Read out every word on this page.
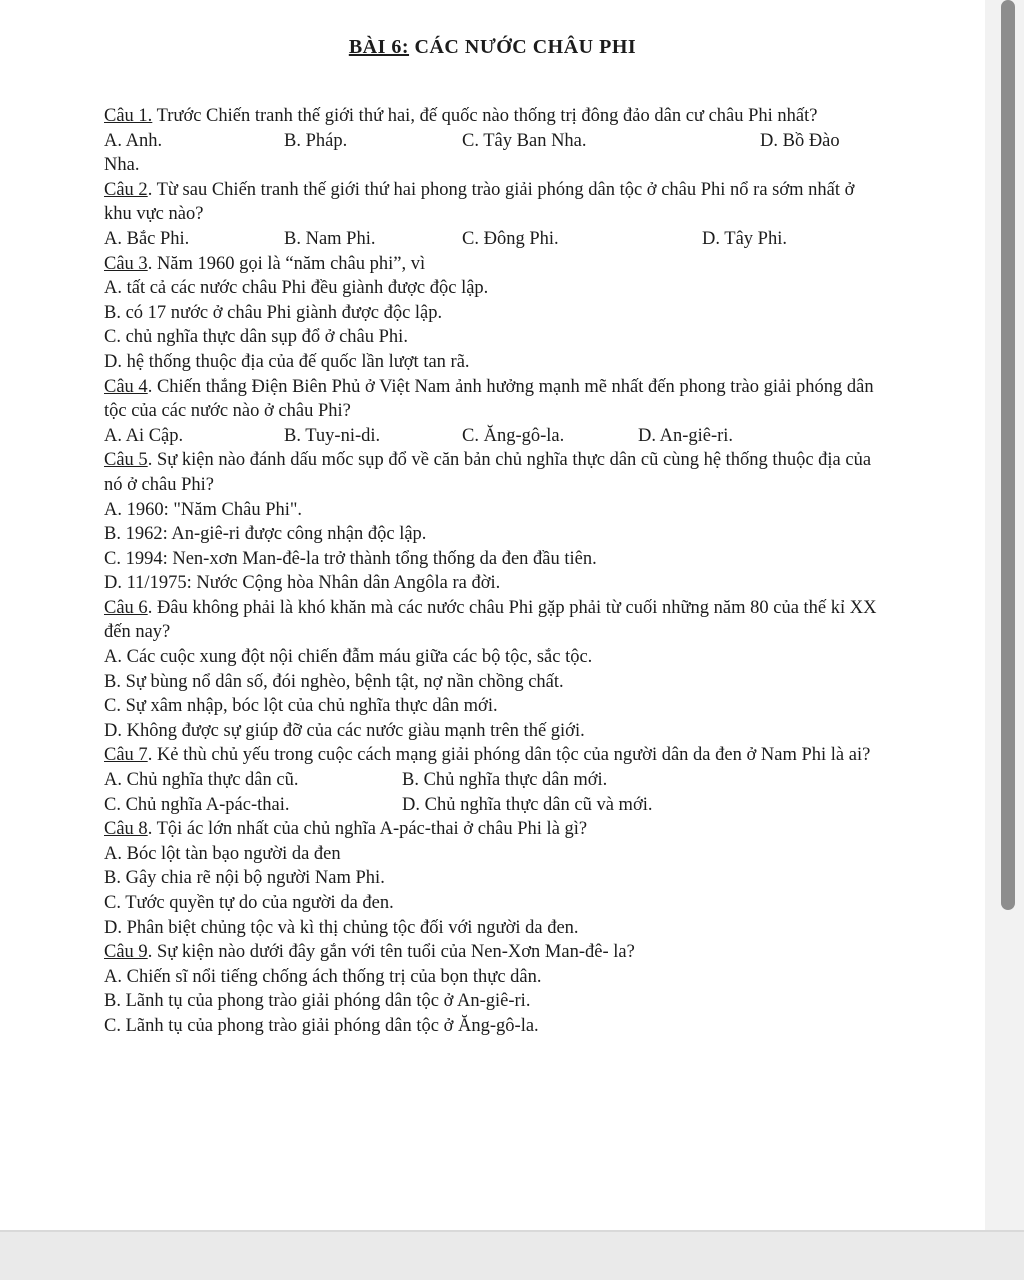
BÀI 6: CÁC NƯỚC CHÂU PHI
Câu 1. Trước Chiến tranh thế giới thứ hai, đế quốc nào thống trị đông đảo dân cư châu Phi nhất?
A. Anh.	B. Pháp.	C. Tây Ban Nha.	D. Bồ Đào
Nha.
Câu 2. Từ sau Chiến tranh thế giới thứ hai phong trào giải phóng dân tộc ở châu Phi nổ ra sớm nhất ở khu vực nào?
A. Bắc Phi.	B. Nam Phi.	C. Đông Phi.	D. Tây Phi.
Câu 3. Năm 1960 gọi là “năm châu phi”, vì
A. tất cả các nước châu Phi đều giành được độc lập.
B. có 17 nước ở châu Phi giành được độc lập.
C. chủ nghĩa thực dân sụp đổ ở châu Phi.
D. hệ thống thuộc địa của đế quốc lần lượt tan rã.
Câu 4. Chiến thắng Điện Biên Phủ ở Việt Nam ảnh hưởng mạnh mẽ nhất đến phong trào giải phóng dân tộc của các nước nào ở châu Phi?
A. Ai Cập.	B. Tuy-ni-di.	C. Ăng-gô-la.	D. An-giê-ri.
Câu 5. Sự kiện nào đánh dấu mốc sụp đổ về căn bản chủ nghĩa thực dân cũ cùng hệ thống thuộc địa của nó ở châu Phi?
A. 1960: "Năm Châu Phi".
B. 1962: An-giê-ri được công nhận độc lập.
C. 1994: Nen-xơn Man-đê-la trở thành tổng thống da đen đầu tiên.
D. 11/1975: Nước Cộng hòa Nhân dân Angôla ra đời.
Câu 6. Đâu không phải là khó khăn mà các nước châu Phi gặp phải từ cuối những năm 80 của thế kỉ XX đến nay?
A. Các cuộc xung đột nội chiến đẫm máu giữa các bộ tộc, sắc tộc.
B. Sự bùng nổ dân số, đói nghèo, bệnh tật, nợ nần chồng chất.
C. Sự xâm nhập, bóc lột của chủ nghĩa thực dân mới.
D. Không được sự giúp đỡ của các nước giàu mạnh trên thế giới.
Câu 7. Kẻ thù chủ yếu trong cuộc cách mạng giải phóng dân tộc của người dân da đen ở Nam Phi là ai?
A. Chủ nghĩa thực dân cũ.	B. Chủ nghĩa thực dân mới.
C. Chủ nghĩa A-pác-thai.	D. Chủ nghĩa thực dân cũ và mới.
Câu 8. Tội ác lớn nhất của chủ nghĩa A-pác-thai ở châu Phi là gì?
A. Bóc lột tàn bạo người da đen
B. Gây chia rẽ nội bộ người Nam Phi.
C. Tước quyền tự do của người da đen.
D. Phân biệt chủng tộc và kì thị chủng tộc đối với người da đen.
Câu 9. Sự kiện nào dưới đây gắn với tên tuổi của Nen-Xơn Man-đê- la?
A. Chiến sĩ nổi tiếng chống ách thống trị của bọn thực dân.
B. Lãnh tụ của phong trào giải phóng dân tộc ở An-giê-ri.
C. Lãnh tụ của phong trào giải phóng dân tộc ở Ăng-gô-la.
